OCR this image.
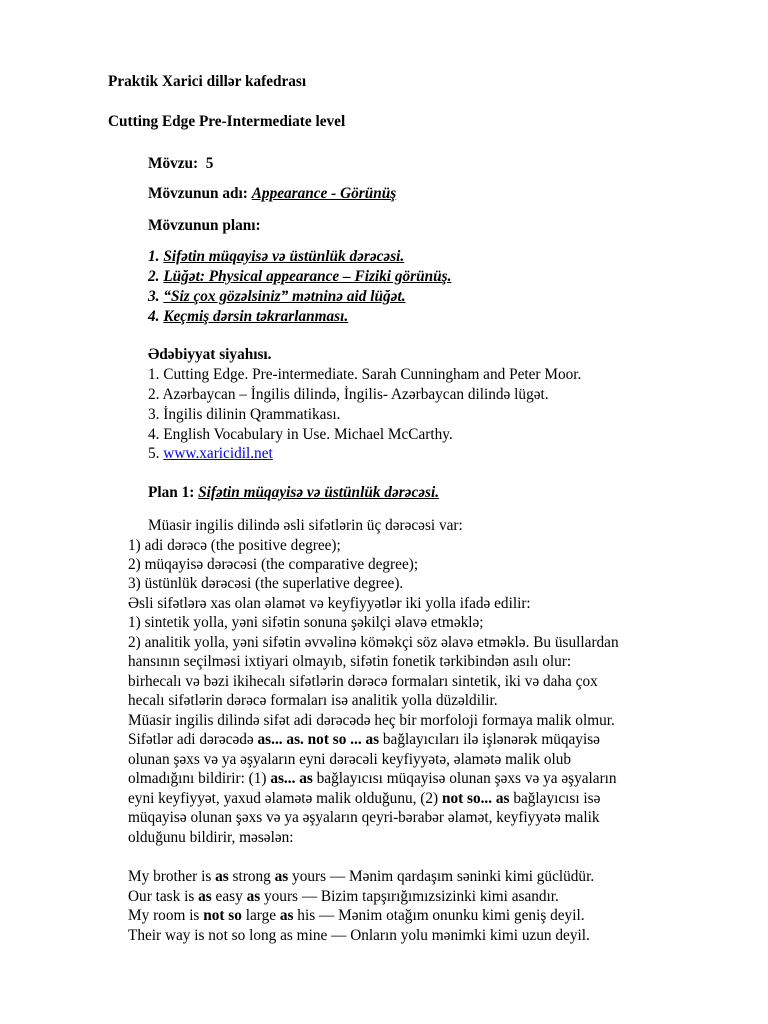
Praktik Xarici dillər kafedrası
Cutting Edge Pre-Intermediate level
Mövzu: 5
Mövzunun adı: Appearance - Görünüş
Mövzunun planı:
1. Sifətin müqayisə və üstünlük dərəcəsi.
2. Lüğət: Physical appearance – Fiziki görünüş.
3. “Siz çox gözəlsiniz” mətninə aid lüğət.
4. Keçmiş dərsin təkrarlanması.
Ədəbiyyat siyahısı.
1. Cutting Edge. Pre-intermediate. Sarah Cunningham and Peter Moor.
2. Azərbaycan – İngilis dilində, İngilis- Azərbaycan dilində lügət.
3. İngilis dilinin Qrammatikası.
4. English Vocabulary in Use. Michael McCarthy.
5. www.xaricidil.net
Plan 1: Sifətin müqayisə və üstünlük dərəcəsi.
Müasir ingilis dilində əsli sifətlərin üç dərəcəsi var:
1) adi dərəcə (the positive degree);
2) müqayisə dərəcəsi (the comparative degree);
3) üstünlük dərəcəsi (the superlative degree).
Əsli sifətlərə xas olan əlamət və keyfiyyətlər iki yolla ifadə edilir:
1) sintetik yolla, yəni sifətin sonuna şəkilçi əlavə etməklə;
2) analitik yolla, yəni sifətin əvvəlinə köməkçi söz əlavə etməklə. Bu üsullardan
hansının seçilməsi ixtiyari olmayıb, sifətin fonetik tərkibindən asılı olur:
birhecalı və bəzi ikihecalı sifətlərin dərəcə formaları sintetik, iki və daha çox
hecalı sifətlərin dərəcə formaları isə analitik yolla düzəldilir.
Müasir ingilis dilində sifət adi dərəcədə heç bir morfoloji formaya malik olmur.
Sifətlər adi dərəcədə as... as. not so ... as bağlayıcıları ilə işlənərək müqayisə
olunan şəxs və ya əşyaların eyni dərəcəli keyfiyyətə, əlamətə malik olub
olmadığını bildirir: (1) as... as bağlayıcısı müqayisə olunan şəxs və ya əşyaların
eyni keyfiyyət, yaxud əlamətə malik olduğunu, (2) not so... as bağlayıcısı isə
müqayisə olunan şəxs və ya əşyaların qeyri-bərabər əlamət, keyfiyyətə malik
olduğunu bildirir, məsələn:
My brother is as strong as yours — Mənim qardaşım səninki kimi güclüdür.
Our task is as easy as yours — Bizim tapşırığımızsizinki kimi asandır.
My room is not so large as his — Mənim otağım onunku kimi geniş deyil.
Their way is not so long as mine — Onların yolu mənimki kimi uzun deyil.
